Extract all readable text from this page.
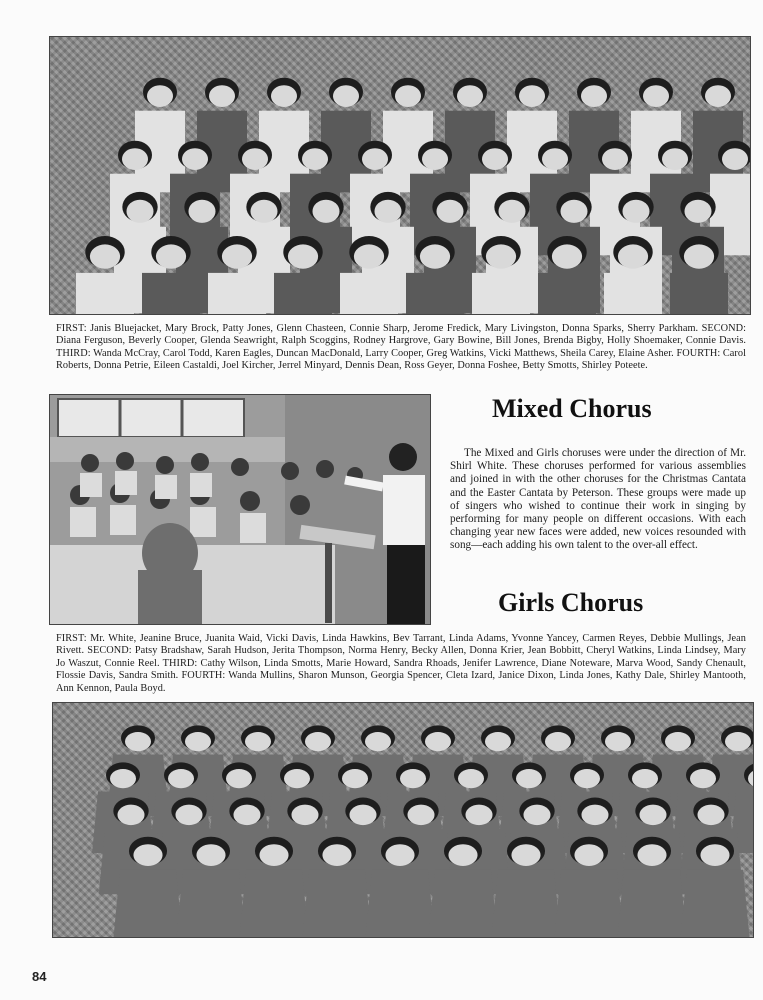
FIRST: Janis Bluejacket, Mary Brock, Patty Jones, Glenn Chasteen, Connie Sharp, Jerome Fredick, Mary Livingston, Donna Sparks, Sherry Parkham. SECOND: Diana Ferguson, Beverly Cooper, Glenda Seawright, Ralph Scoggins, Rodney Hargrove, Gary Bowine, Bill Jones, Brenda Bigby, Holly Shoemaker, Connie Davis. THIRD: Wanda McCray, Carol Todd, Karen Eagles, Duncan MacDonald, Larry Cooper, Greg Watkins, Vicki Matthews, Sheila Carey, Elaine Asher. FOURTH: Carol Roberts, Donna Petrie, Eileen Castaldi, Joel Kircher, Jerrel Minyard, Dennis Dean, Ross Geyer, Donna Foshee, Betty Smotts, Shirley Poteete.

Mixed Chorus

The Mixed and Girls choruses were under the direction of Mr. Shirl White. These choruses performed for various assemblies and joined in with the other choruses for the Christmas Cantata and the Easter Cantata by Peterson. These groups were made up of singers who wished to continue their work in singing by performing for many people on different occasions. With each changing year new faces were added, new voices resounded with song—each adding his own talent to the over-all effect.

Girls Chorus

FIRST: Mr. White, Jeanine Bruce, Juanita Waid, Vicki Davis, Linda Hawkins, Bev Tarrant, Linda Adams, Yvonne Yancey, Carmen Reyes, Debbie Mullings, Jean Rivett. SECOND: Patsy Bradshaw, Sarah Hudson, Jerita Thompson, Norma Henry, Becky Allen, Donna Krier, Jean Bobbitt, Cheryl Watkins, Linda Lindsey, Mary Jo Waszut, Connie Reel. THIRD: Cathy Wilson, Linda Smotts, Marie Howard, Sandra Rhoads, Jenifer Lawrence, Diane Noteware, Marva Wood, Sandy Chenault, Flossie Davis, Sandra Smith. FOURTH: Wanda Mullins, Sharon Munson, Georgia Spencer, Cleta Izard, Janice Dixon, Linda Jones, Kathy Dale, Shirley Mantooth, Ann Kennon, Paula Boyd.

84
